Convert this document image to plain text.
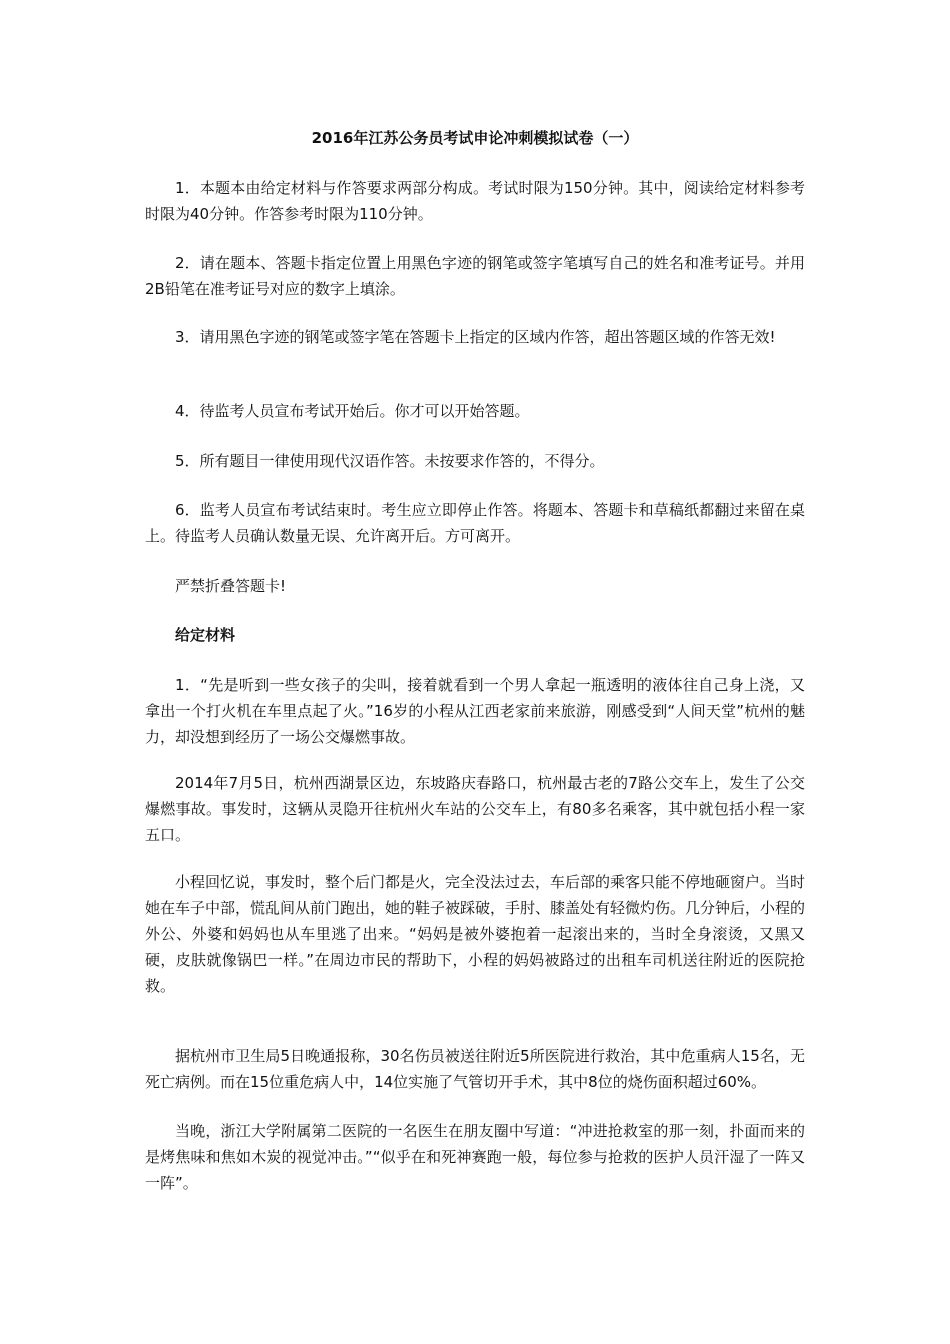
2016年江苏公务员考试申论冲刺模拟试卷（一）
1．本题本由给定材料与作答要求两部分构成。考试时限为150分钟。其中，阅读给定材料参考时限为40分钟。作答参考时限为110分钟。
2．请在题本、答题卡指定位置上用黑色字迹的钢笔或签字笔填写自己的姓名和准考证号。并用2B铅笔在准考证号对应的数字上填涂。
3．请用黑色字迹的钢笔或签字笔在答题卡上指定的区域内作答，超出答题区域的作答无效!
4．待监考人员宣布考试开始后。你才可以开始答题。
5．所有题目一律使用现代汉语作答。未按要求作答的，不得分。
6．监考人员宣布考试结束时。考生应立即停止作答。将题本、答题卡和草稿纸都翻过来留在桌上。待监考人员确认数量无误、允许离开后。方可离开。
严禁折叠答题卡!
给定材料
1．“先是听到一些女孩子的尖叫，接着就看到一个男人拿起一瓶透明的液体往自己身上浇，又拿出一个打火机在车里点起了火。”16岁的小程从江西老家前来旅游，刚感受到“人间天堂”杭州的魅力，却没想到经历了一场公交爆燃事故。
2014年7月5日，杭州西湖景区边，东坡路庆春路口，杭州最古老的7路公交车上，发生了公交爆燃事故。事发时，这辆从灵隐开往杭州火车站的公交车上，有80多名乘客，其中就包括小程一家五口。
小程回忆说，事发时，整个后门都是火，完全没法过去，车后部的乘客只能不停地砸窗户。当时她在车子中部，慌乱间从前门跑出，她的鞋子被踩破，手肘、膝盖处有轻微灼伤。几分钟后，小程的外公、外婆和妈妈也从车里逃了出来。“妈妈是被外婆抱着一起滚出来的，当时全身滚烫，又黑又硬，皮肤就像锅巴一样。”在周边市民的帮助下，小程的妈妈被路过的出租车司机送往附近的医院抢救。
据杭州市卫生局5日晚通报称，30名伤员被送往附近5所医院进行救治，其中危重病人15名，无死亡病例。而在15位重危病人中，14位实施了气管切开手术，其中8位的烧伤面积超过60%。
当晚，浙江大学附属第二医院的一名医生在朋友圈中写道：“冲进抢救室的那一刻，扑面而来的是烤焦味和焦如木炭的视觉冲击。”“似乎在和死神赛跑一般，每位参与抢救的医护人员汗湿了一阵又一阵”。
